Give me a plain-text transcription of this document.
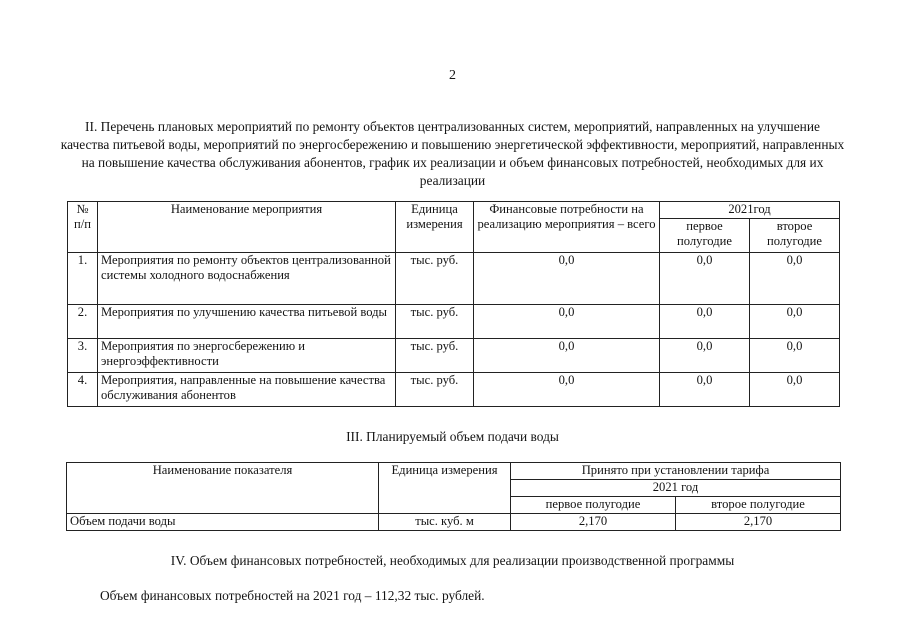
2
II. Перечень плановых мероприятий по ремонту объектов централизованных систем, мероприятий, направленных на улучшение качества питьевой воды, мероприятий по энергосбережению и повышению энергетической эффективности, мероприятий, направленных на повышение качества обслуживания абонентов, график их реализации и объем финансовых потребностей, необходимых для их реализации
№ п/п	Наименование мероприятия	Единица измерения	Финансовые потребности на реализацию мероприятия – всего	2021год	
				первое полугодие	второе полугодие
1.	Мероприятия по ремонту объектов централизованной системы холодного водоснабжения	тыс. руб.	0,0	0,0	0,0
2.	Мероприятия по улучшению качества питьевой воды	тыс. руб.	0,0	0,0	0,0
3.	Мероприятия по энергосбережению и энергоэффективности	тыс. руб.	0,0	0,0	0,0
4.	Мероприятия, направленные на повышение качества обслуживания абонентов	тыс. руб.	0,0	0,0	0,0
III. Планируемый объем подачи воды
Наименование показателя	Единица измерения	Принято при установлении тарифа	
		2021 год	
		первое полугодие	второе полугодие
Объем подачи воды	тыс. куб. м	2,170	2,170
IV. Объем финансовых потребностей, необходимых для реализации производственной программы
Объем финансовых потребностей на 2021 год – 112,32 тыс. рублей.
